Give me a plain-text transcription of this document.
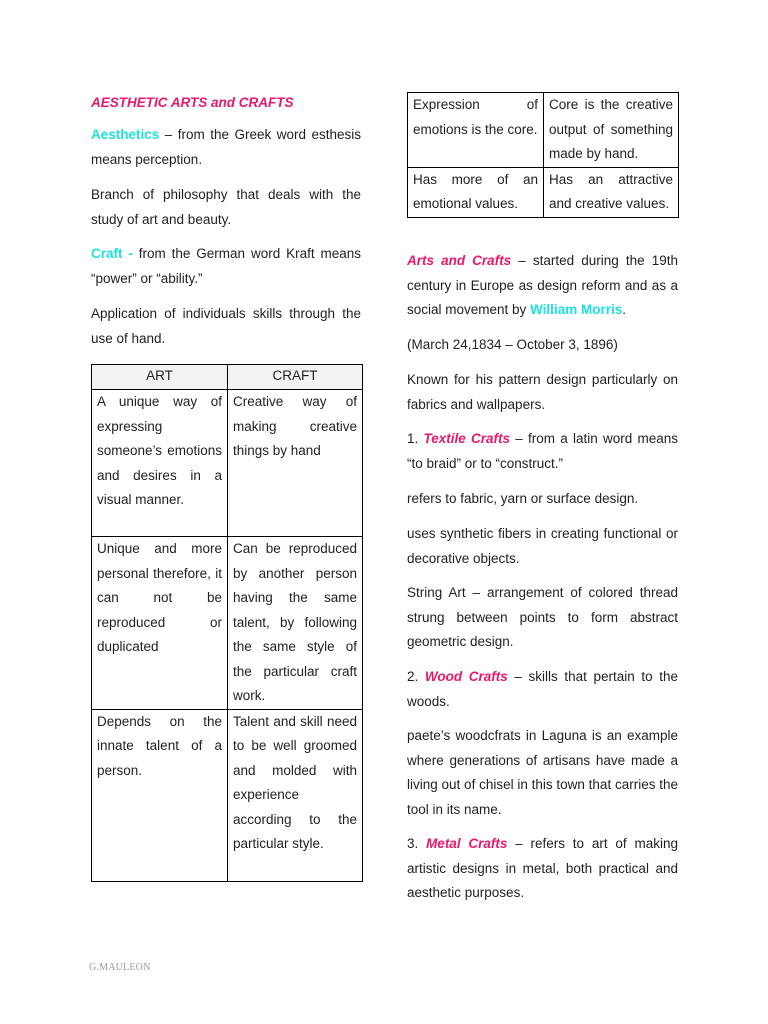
AESTHETIC ARTS and CRAFTS

Aesthetics – from the Greek word esthesis means perception.

Branch of philosophy that deals with the study of art and beauty.

Craft - from the German word Kraft means “power” or “ability.”

Application of individuals skills through the use of hand.

ART	CRAFT
A unique way of expressing someone’s emotions and desires in a visual manner.	Creative way of making creative things by hand
Unique and more personal therefore, it can not be reproduced or duplicated	Can be reproduced by another person having the same talent, by following the same style of the particular craft work.
Depends on the innate talent of a person.	Talent and skill need to be well groomed and molded with experience according to the particular style.
Expression of emotions is the core.	Core is the creative output of something made by hand.
Has more of an emotional values.	Has an attractive and creative values.

Arts and Crafts – started during the 19th century in Europe as design reform and as a social movement by William Morris.

(March 24,1834 – October 3, 1896)

Known for his pattern design particularly on fabrics and wallpapers.

1. Textile Crafts – from a latin word means “to braid” or to “construct.”

refers to fabric, yarn or surface design.

uses synthetic fibers in creating functional or decorative objects.

String Art – arrangement of colored thread strung between points to form abstract geometric design.

2. Wood Crafts – skills that pertain to the woods.

paete’s woodcfrats in Laguna is an example where generations of artisans have made a living out of chisel in this town that carries the tool in its name.

3. Metal Crafts – refers to art of making artistic designs in metal, both practical and aesthetic purposes.

G.MAULEON
